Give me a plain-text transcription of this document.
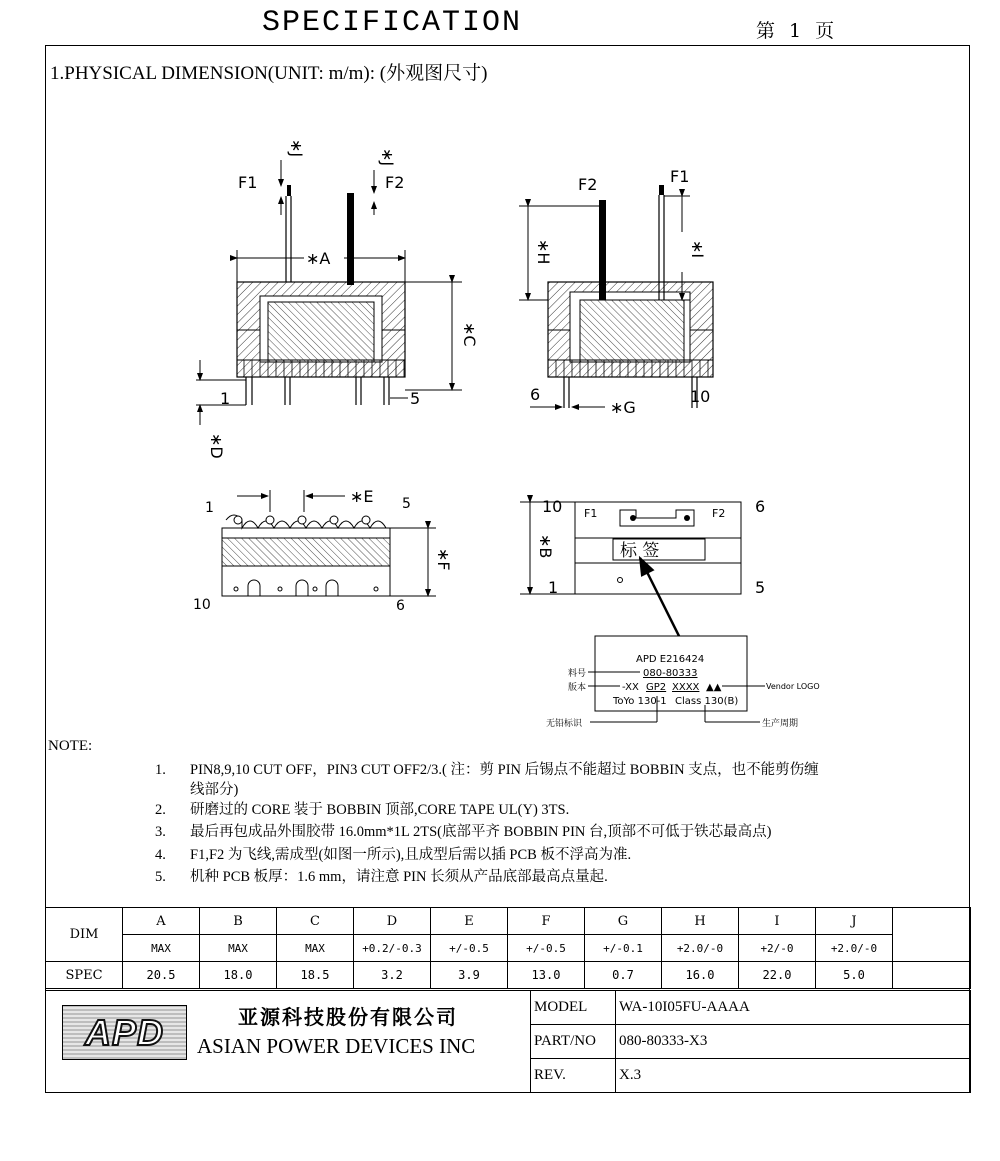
SPECIFICATION	第 1 页
1.PHYSICAL DIMENSION(UNIT: m/m): (外观图尺寸)
∗A
∗C
∗D
1	5
F1	F2
∗J	∗J
F2	F1
∗H
∗I
∗G
6	10
1	5
10	6
∗E
∗F
F1	F2
标 签
10	6
1	5
∗B
APD E216424
080-80333
-XX GP2 XXXX ▲▲
ToYo 130-1 Class 130(B)
料号
版本	Vendor LOGO
无铅标识	生产周期
NOTE:
1. PIN8,9,10 CUT OFF，PIN3 CUT OFF2/3.( 注：剪 PIN 后锡点不能超过 BOBBIN 支点，也不能剪伤缠
线部分)
2. 研磨过的 CORE 装于 BOBBIN 顶部,CORE TAPE UL(Y) 3TS.
3. 最后再包成品外围胶带 16.0mm*1L 2TS(底部平齐 BOBBIN PIN 台,顶部不可低于铁芯最高点)
4. F1,F2 为飞线,需成型(如图一所示),且成型后需以插 PCB 板不浮高为准.
5. 机种 PCB 板厚：1.6 mm，请注意 PIN 长须从产品底部最高点量起.
DIM	A	B	C	D	E	F	G	H	I	J	
	MAX	MAX	MAX	+0.2/-0.3	+/-0.5	+/-0.5	+/-0.1	+2.0/-0	+2/-0	+2.0/-0	
SPEC	20.5	18.0	18.5	3.2	3.9	13.0	0.7	16.0	22.0	5.0	
APD	亚源科技股份有限公司
ASIAN POWER DEVICES INC
MODEL	WA-10I05FU-AAAA
PART/NO	080-80333-X3
REV.	X.3
